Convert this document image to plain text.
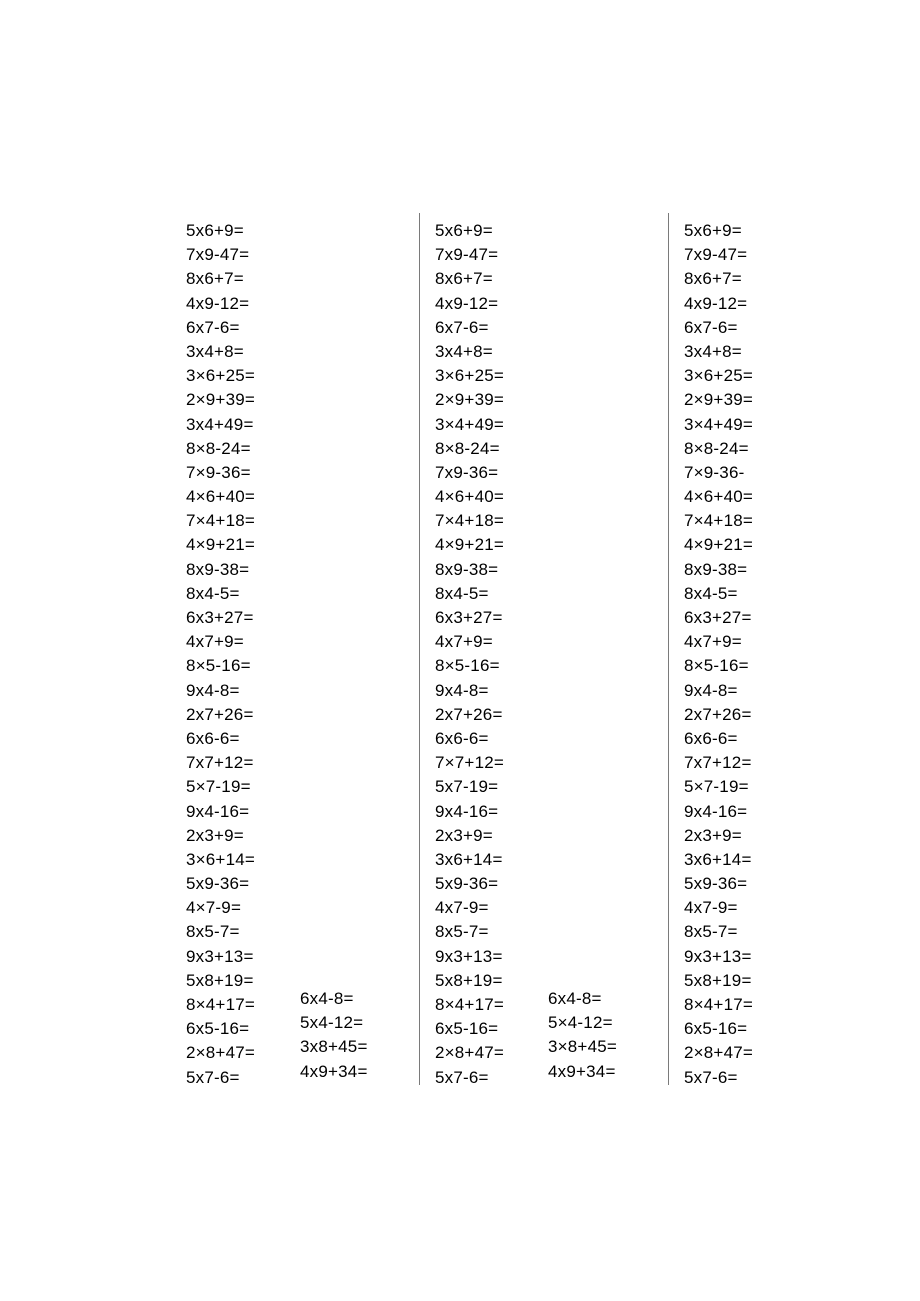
5x6+9=
7x9-47=
8x6+7=
4x9-12=
6x7-6=
3x4+8=
3×6+25=
2×9+39=
3x4+49=
8×8-24=
7×9-36=
4×6+40=
7×4+18=
4×9+21=
8x9-38=
8x4-5=
6x3+27=
4x7+9=
8×5-16=
9x4-8=
2x7+26=
6x6-6=
7x7+12=
5×7-19=
9x4-16=
2x3+9=
3×6+14=
5x9-36=
4×7-9=
8x5-7=
9x3+13=
5x8+19=
8×4+17=
6x5-16=
2×8+47=
5x7-6=
6x4-8=
5x4-12=
3x8+45=
4x9+34=
5x6+9=
7x9-47=
8x6+7=
4x9-12=
6x7-6=
3x4+8=
3×6+25=
2×9+39=
3×4+49=
8×8-24=
7x9-36=
4×6+40=
7×4+18=
4×9+21=
8x9-38=
8x4-5=
6x3+27=
4x7+9=
8×5-16=
9x4-8=
2x7+26=
6x6-6=
7×7+12=
5x7-19=
9x4-16=
2x3+9=
3x6+14=
5x9-36=
4x7-9=
8x5-7=
9x3+13=
5x8+19=
8×4+17=
6x5-16=
2×8+47=
5x7-6=
6x4-8=
5×4-12=
3×8+45=
4x9+34=
5x6+9=
7x9-47=
8x6+7=
4x9-12=
6x7-6=
3x4+8=
3×6+25=
2×9+39=
3×4+49=
8×8-24=
7×9-36-
4×6+40=
7×4+18=
4×9+21=
8x9-38=
8x4-5=
6x3+27=
4x7+9=
8×5-16=
9x4-8=
2x7+26=
6x6-6=
7x7+12=
5×7-19=
9x4-16=
2x3+9=
3x6+14=
5x9-36=
4x7-9=
8x5-7=
9x3+13=
5x8+19=
8×4+17=
6x5-16=
2×8+47=
5x7-6=
